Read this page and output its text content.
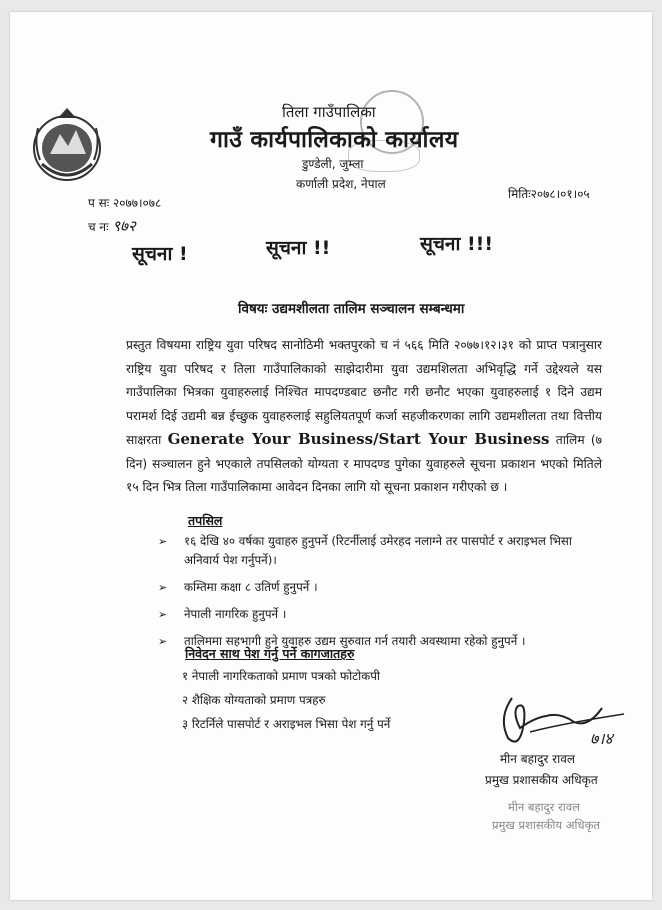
तिला गाउँपालिका
गाउँ कार्यपालिकाको कार्यालय
डुण्डेली, जुम्ला
कर्णाली प्रदेश, नेपाल
प सः २०७७।०७८
च नः ९७२
मितिः२०७८।०१।०५
सूचना !	सूचना !!	सूचना !!!
विषयः उद्यमशीलता तालिम सञ्चालन सम्बन्धमा

प्रस्तुत विषयमा राष्ट्रिय युवा परिषद सानोठिमी भक्तपुरको च नं ५६६ मिति २०७७।१२।३१ को प्राप्त पत्रानुसार राष्ट्रिय युवा परिषद र तिला गाउँपालिकाको साझेदारीमा युवा उद्यमशिलता अभिवृद्धि गर्ने उद्देश्यले यस गाउँपालिका भित्रका युवाहरुलाई निश्चित मापदण्डबाट छनौट गरी छनौट भएका युवाहरुलाई १ दिने उद्यम परामर्श दिई उद्यमी बन्न ईच्छुक युवाहरुलाई सहुलियतपूर्ण कर्जा सहजीकरणका लागि उद्यमशीलता तथा वित्तीय साक्षरता Generate Your Business/Start Your Business तालिम (७ दिन) सञ्चालन हुने भएकाले तपसिलको योग्यता र मापदण्ड पुगेका युवाहरुले सूचना प्रकाशन भएको मितिले १५ दिन भित्र तिला गाउँपालिकामा आवेदन दिनका लागि यो सूचना प्रकाशन गरीएको छ ।

तपसिल
➢ १६ देखि ४० वर्षका युवाहरु हुनुपर्ने (रिटर्नीलाई उमेरहद नलाग्ने तर पासपोर्ट र अराइभल भिसा अनिवार्य पेश गर्नुपर्ने)।
➢ कम्तिमा कक्षा ८ उतिर्ण हुनुपर्ने ।
➢ नेपाली नागरिक हुनुपर्ने ।
➢ तालिममा सहभागी हुने युवाहरु उद्यम सुरुवात गर्न तयारी अवस्थामा रहेको हुनुपर्ने ।
निवेदन साथ पेश गर्नु पर्ने कागजातहरु
१ नेपाली नागरिकताको प्रमाण पत्रको फोटोकपी
२ शैक्षिक योग्यताको प्रमाण पत्रहरु
३ रिटर्निले पासपोर्ट र अराइभल भिसा पेश गर्नु पर्ने
७।४
मीन बहादुर रावल
प्रमुख प्रशासकीय अधिकृत
मीन बहादुर रावल
प्रमुख प्रशासकीय अधिकृत
